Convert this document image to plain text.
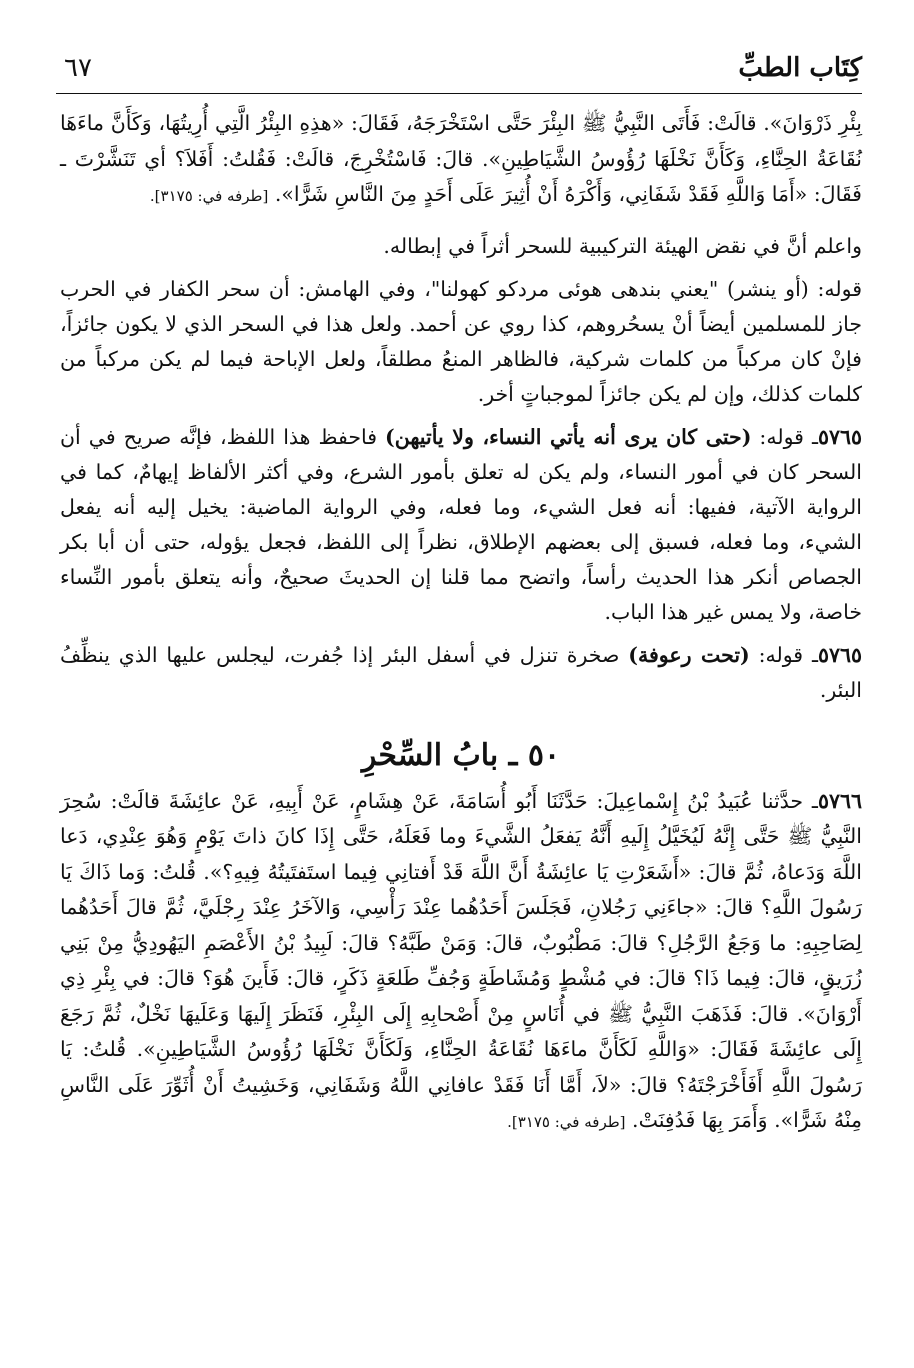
كِتَاب الطبِّ
٦٧

بِئْرِ ذَرْوَانَ». قالَتْ: فَأَتَى النَّبِيُّ ﷺ البِئْرَ حَتَّى اسْتَخْرَجَهُ، فَقَالَ: «هذِهِ البِئْرُ الَّتِي أُرِيتُهَا، وَكَأَنَّ ماءَهَا نُقَاعَةُ الحِنَّاءِ، وَكَأَنَّ نَخْلَهَا رُؤُوسُ الشَّيَاطِينِ». قالَ: فَاسْتُخْرِجَ، قالَتْ: فَقُلتُ: أَفَلاَ؟ أي تَنَشَّرْتَ ـ فَقَالَ: «أَمَا وَاللَّهِ فَقَدْ شَفَانِي، وَأَكْرَهُ أَنْ أُثِيرَ عَلَى أَحَدٍ مِنَ النَّاسِ شَرًّا». [طرفه في: ٣١٧٥].

واعلم أنَّ في نقض الهيئة التركيبية للسحر أثراً في إبطاله.

قوله: (أو ينشر) "يعني بندهى هوئى مردكو كهولنا"، وفي الهامش: أن سحر الكفار في الحرب جاز للمسلمين أيضاً أنْ يسحُروهم، كذا روي عن أحمد. ولعل هذا في السحر الذي لا يكون جائزاً، فإنْ كان مركباً من كلمات شركية، فالظاهر المنعُ مطلقاً، ولعل الإباحة فيما لم يكن مركباً من كلمات كذلك، وإن لم يكن جائزاً لموجباتٍ أخر.

٥٧٦٥ـ قوله: (حتى كان يرى أنه يأتي النساء، ولا يأتيهن) فاحفظ هذا اللفظ، فإنَّه صريح في أن السحر كان في أمور النساء، ولم يكن له تعلق بأمور الشرع، وفي أكثر الألفاظ إيهامٌ، كما في الرواية الآتية، ففيها: أنه فعل الشيء، وما فعله، وفي الرواية الماضية: يخيل إليه أنه يفعل الشيء، وما فعله، فسبق إلى بعضهم الإطلاق، نظراً إلى اللفظ، فجعل يؤوله، حتى أن أبا بكر الجصاص أنكر هذا الحديث رأساً، واتضح مما قلنا إن الحديثَ صحيحٌ، وأنه يتعلق بأمور النِّساء خاصة، ولا يمس غير هذا الباب.

٥٧٦٥ـ قوله: (تحت رعوفة) صخرة تنزل في أسفل البئر إذا جُفرت، ليجلس عليها الذي ينظِّفُ البئر.

٥٠ ـ بابُ السِّحْرِ

٥٧٦٦ـ حدَّثنا عُبَيدُ بْنُ إِسْماعِيلَ: حَدَّثَنَا أَبُو أُسَامَةَ، عَنْ هِشَامٍ، عَنْ أَبِيهِ، عَنْ عائِشَةَ قالَتْ: سُحِرَ النَّبِيُّ ﷺ حَتَّى إِنَّهُ لَيُخَيَّلُ إِلَيهِ أَنَّهُ يَفعَلُ الشَّيءَ وما فَعَلَهُ، حَتَّى إِذَا كانَ ذاتَ يَوْمٍ وَهُوَ عِنْدِي، دَعا اللَّهَ وَدَعاهُ، ثُمَّ قالَ: «أَشَعَرْتِ يَا عائِشَةُ أَنَّ اللَّهَ قَدْ أَفتانِي فِيما استَفتَيتُهُ فِيهِ؟». قُلتُ: وَما ذَاكَ يَا رَسُولَ اللَّهِ؟ قالَ: «جاءَنِي رَجُلانِ، فَجَلَسَ أَحَدُهُما عِنْدَ رَأْسِي، وَالآخَرُ عِنْدَ رِجْلَيَّ، ثُمَّ قالَ أَحَدُهُما لِصَاحِبِهِ: ما وَجَعُ الرَّجُلِ؟ قالَ: مَطْبُوبٌ، قالَ: وَمَنْ طَبَّهُ؟ قالَ: لَبِيدُ بْنُ الأَعْصَمِ اليَهُودِيُّ مِنْ بَنِي زُرَيقٍ، قالَ: فِيما ذَا؟ قالَ: في مُشْطٍ وَمُشَاطَةٍ وَجُفِّ طَلعَةٍ ذَكَرٍ، قالَ: فَأَينَ هُوَ؟ قالَ: في بِئْرِ ذِي أَرْوَانَ». قالَ: فَذَهَبَ النَّبِيُّ ﷺ في أُنَاسٍ مِنْ أَصْحابِهِ إِلَى البِئْرِ، فَنَظَرَ إِلَيهَا وَعَلَيهَا نَخْلٌ، ثُمَّ رَجَعَ إِلَى عائِشَةَ فَقَالَ: «وَاللَّهِ لَكَأَنَّ ماءَهَا نُقَاعَةُ الحِنَّاءِ، وَلَكَأَنَّ نَخْلَهَا رُؤُوسُ الشَّيَاطِينِ». قُلتُ: يَا رَسُولَ اللَّهِ أَفَأَخْرَجْتَهُ؟ قالَ: «لاَ، أَمَّا أَنَا فَقَدْ عافانِي اللَّهُ وَشَفَانِي، وَخَشِيتُ أَنْ أُثَوِّرَ عَلَى النَّاسِ مِنْهُ شَرًّا». وَأَمَرَ بِهَا فَدُفِنَتْ. [طرفه في: ٣١٧٥].
